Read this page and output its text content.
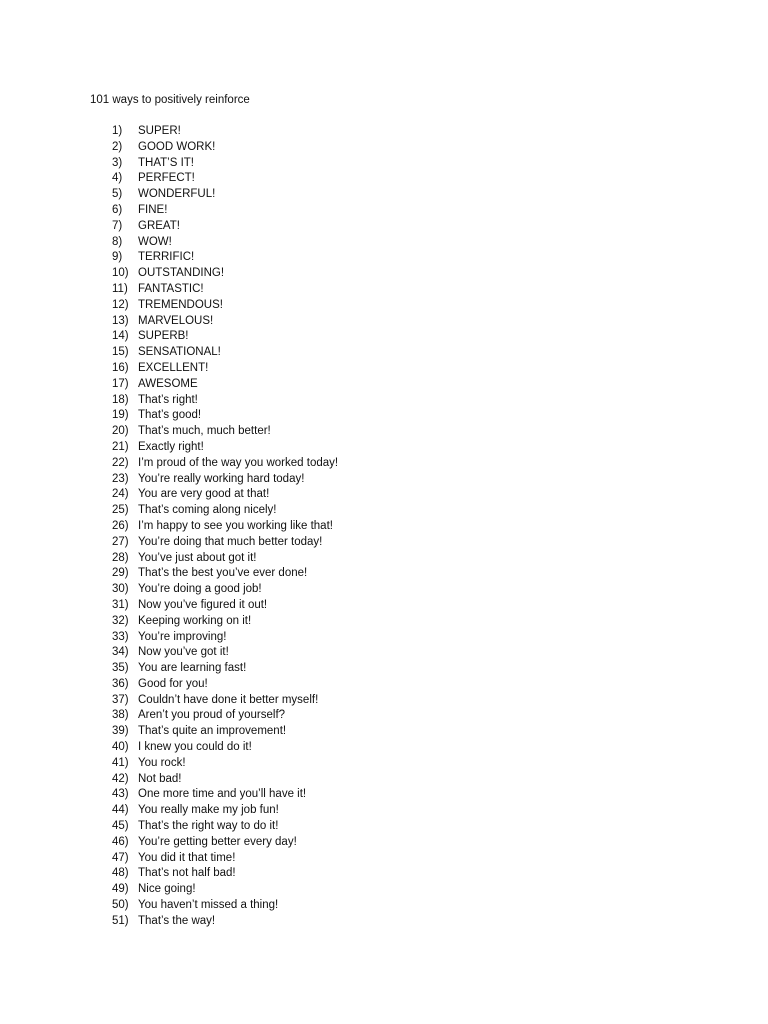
101 ways to positively reinforce
1)	SUPER!
2)	GOOD WORK!
3)	THAT’S IT!
4)	PERFECT!
5)	WONDERFUL!
6)	FINE!
7)	GREAT!
8)	WOW!
9)	TERRIFIC!
10) OUTSTANDING!
11) FANTASTIC!
12) TREMENDOUS!
13) MARVELOUS!
14) SUPERB!
15) SENSATIONAL!
16) EXCELLENT!
17) AWESOME
18) That’s right!
19) That’s good!
20) That’s much, much better!
21) Exactly right!
22) I’m proud of the way you worked today!
23) You’re really working hard today!
24) You are very good at that!
25) That’s coming along nicely!
26) I’m happy to see you working like that!
27) You’re doing that much better today!
28) You’ve just about got it!
29) That’s the best you’ve ever done!
30) You’re doing a good job!
31) Now you’ve figured it out!
32) Keeping working on it!
33) You’re improving!
34) Now you’ve got it!
35) You are learning fast!
36) Good for you!
37) Couldn’t have done it better myself!
38) Aren’t you proud of yourself?
39) That’s quite an improvement!
40) I knew you could do it!
41) You rock!
42) Not bad!
43) One more time and you’ll have it!
44) You really make my job fun!
45) That’s the right way to do it!
46) You’re getting better every day!
47) You did it that time!
48) That’s not half bad!
49) Nice going!
50) You haven’t missed a thing!
51) That’s the way!
